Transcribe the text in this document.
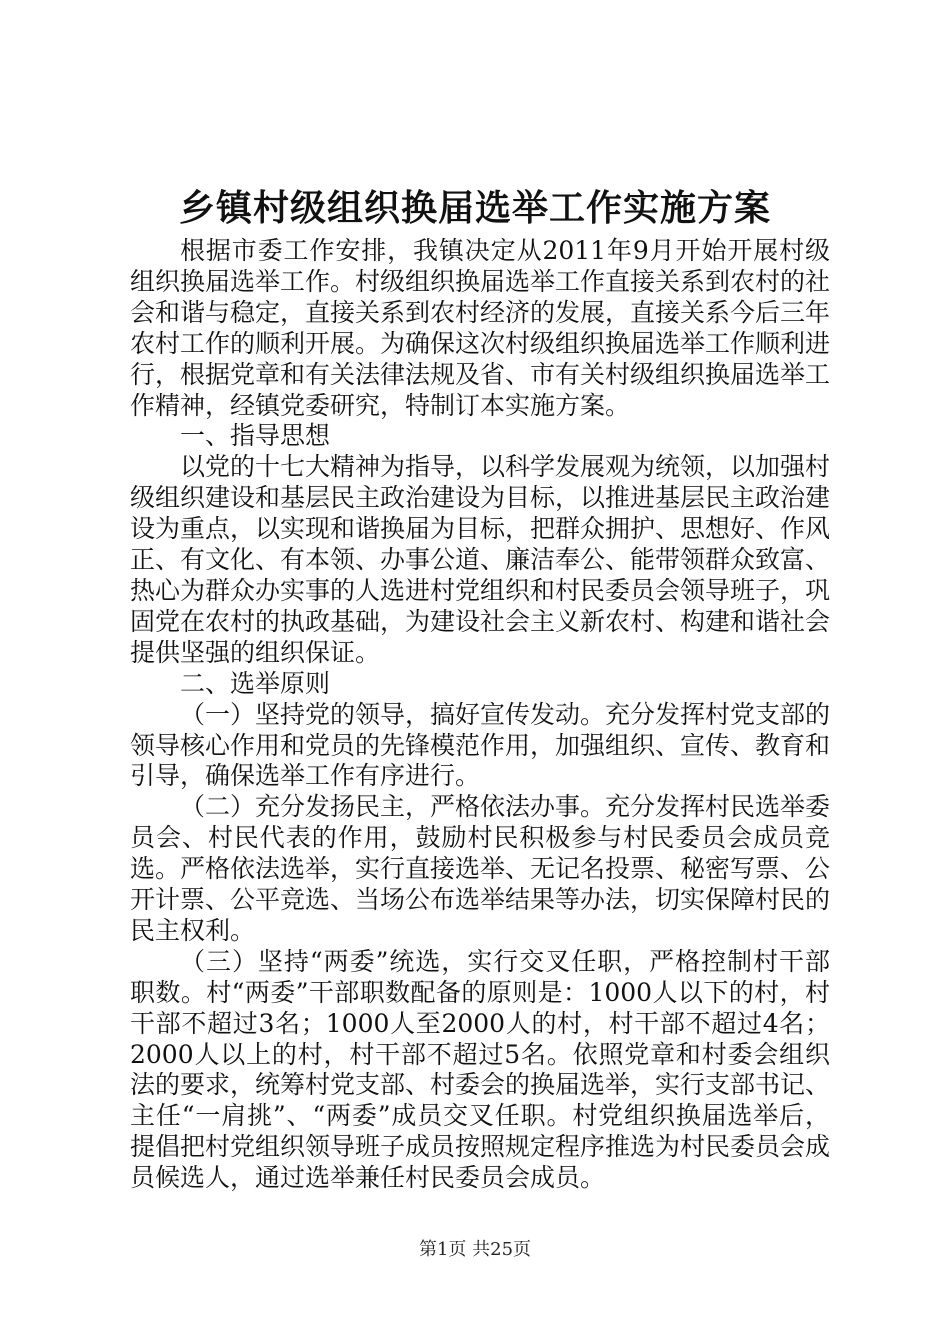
乡镇村级组织换届选举工作实施方案

根据市委工作安排，我镇决定从2011年9月开始开展村级组织换届选举工作。村级组织换届选举工作直接关系到农村的社会和谐与稳定，直接关系到农村经济的发展，直接关系今后三年农村工作的顺利开展。为确保这次村级组织换届选举工作顺利进行，根据党章和有关法律法规及省、市有关村级组织换届选举工作精神，经镇党委研究，特制订本实施方案。

一、指导思想

以党的十七大精神为指导，以科学发展观为统领，以加强村级组织建设和基层民主政治建设为目标，以推进基层民主政治建设为重点，以实现和谐换届为目标，把群众拥护、思想好、作风正、有文化、有本领、办事公道、廉洁奉公、能带领群众致富、热心为群众办实事的人选进村党组织和村民委员会领导班子，巩固党在农村的执政基础，为建设社会主义新农村、构建和谐社会提供坚强的组织保证。

二、选举原则

（一）坚持党的领导，搞好宣传发动。充分发挥村党支部的领导核心作用和党员的先锋模范作用，加强组织、宣传、教育和引导，确保选举工作有序进行。

（二）充分发扬民主，严格依法办事。充分发挥村民选举委员会、村民代表的作用，鼓励村民积极参与村民委员会成员竞选。严格依法选举，实行直接选举、无记名投票、秘密写票、公开计票、公平竞选、当场公布选举结果等办法，切实保障村民的民主权利。

（三）坚持“两委”统选，实行交叉任职，严格控制村干部职数。村“两委”干部职数配备的原则是：1000人以下的村，村干部不超过3名；1000人至2000人的村，村干部不超过4名；2000人以上的村，村干部不超过5名。依照党章和村委会组织法的要求，统筹村党支部、村委会的换届选举，实行支部书记、主任“一肩挑”、“两委”成员交叉任职。村党组织换届选举后，提倡把村党组织领导班子成员按照规定程序推选为村民委员会成员候选人，通过选举兼任村民委员会成员。

第1页 共25页
